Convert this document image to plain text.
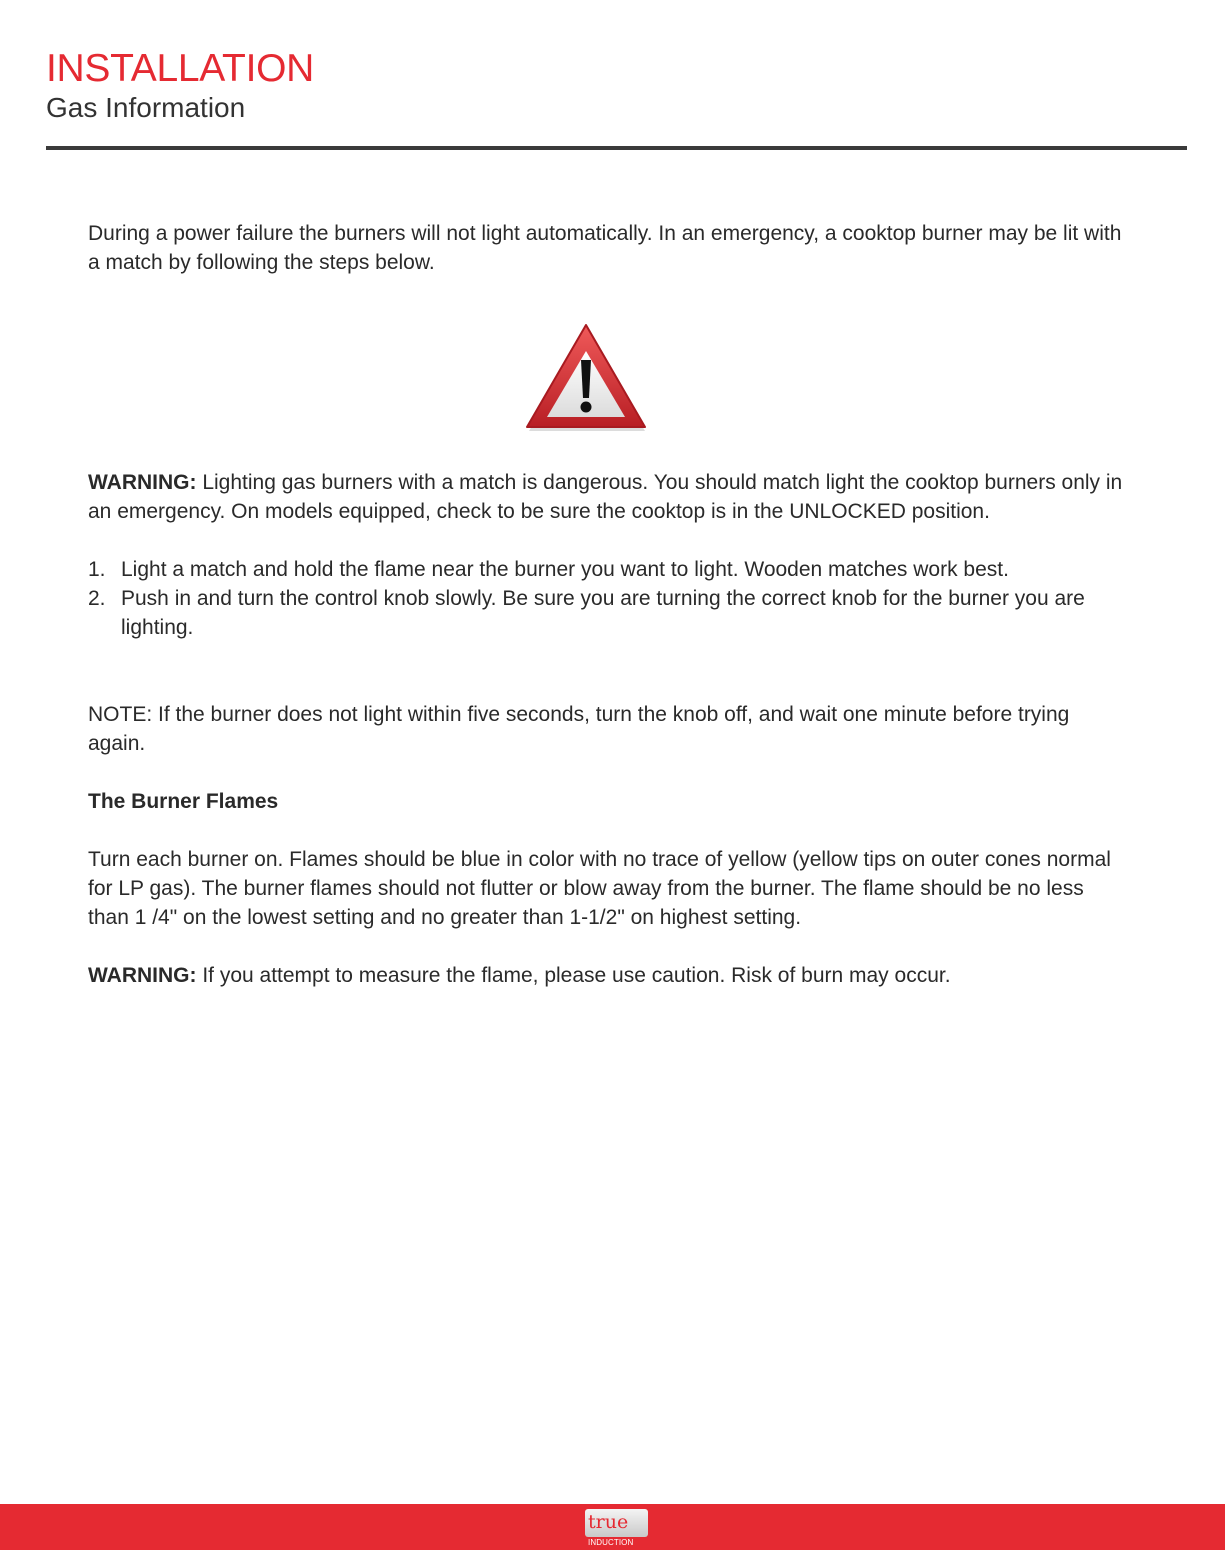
INSTALLATION
Gas Information

During a power failure the burners will not light automatically. In an emergency, a cooktop burner may be lit with a match by following the steps below.

WARNING: Lighting gas burners with a match is dangerous. You should match light the cooktop burners only in an emergency. On models equipped, check to be sure the cooktop is in the UNLOCKED position.

1. Light a match and hold the flame near the burner you want to light. Wooden matches work best.
2. Push in and turn the control knob slowly. Be sure you are turning the correct knob for the burner you are lighting.

NOTE: If the burner does not light within five seconds, turn the knob off, and wait one minute before trying again.

The Burner Flames

Turn each burner on. Flames should be blue in color with no trace of yellow (yellow tips on outer cones normal for LP gas). The burner flames should not flutter or blow away from the burner. The flame should be no less than 1 /4" on the lowest setting and no greater than 1-1/2" on highest setting.

WARNING: If you attempt to measure the flame, please use caution. Risk of burn may occur.

true
INDUCTION
